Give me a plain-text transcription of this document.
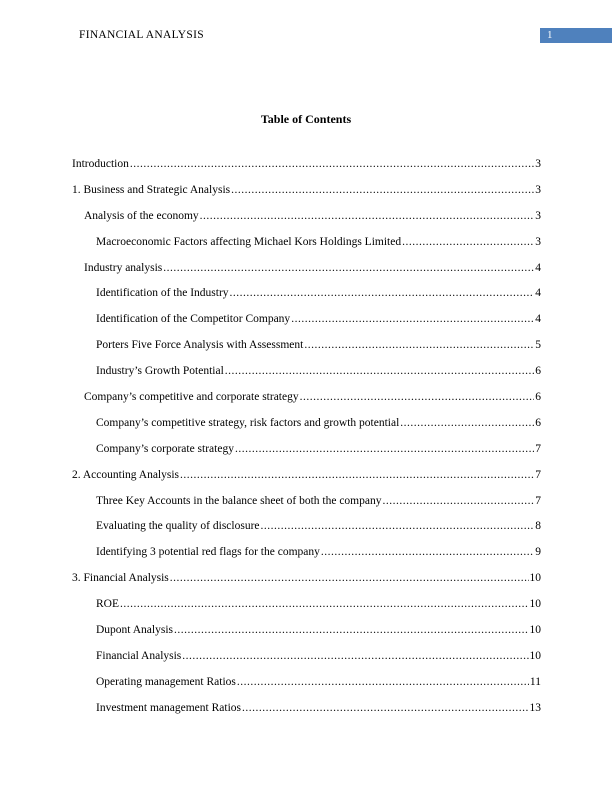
FINANCIAL ANALYSIS	1
Table of Contents
Introduction .....	3
1. Business and Strategic Analysis .....	3
Analysis of the economy .....	3
Macroeconomic Factors affecting Michael Kors Holdings Limited .....	3
Industry analysis .....	4
Identification of the Industry .....	4
Identification of the Competitor Company .....	4
Porters Five Force Analysis with Assessment .....	5
Industry’s Growth Potential .....	6
Company’s competitive and corporate strategy .....	6
Company’s competitive strategy, risk factors and growth potential .....	6
Company’s corporate strategy .....	7
2. Accounting Analysis .....	7
Three Key Accounts in the balance sheet of both the company .....	7
Evaluating the quality of disclosure .....	8
Identifying 3 potential red flags for the company .....	9
3. Financial Analysis .....	10
ROE .....	10
Dupont Analysis .....	10
Financial Analysis .....	10
Operating management Ratios .....	11
Investment management Ratios .....	13
